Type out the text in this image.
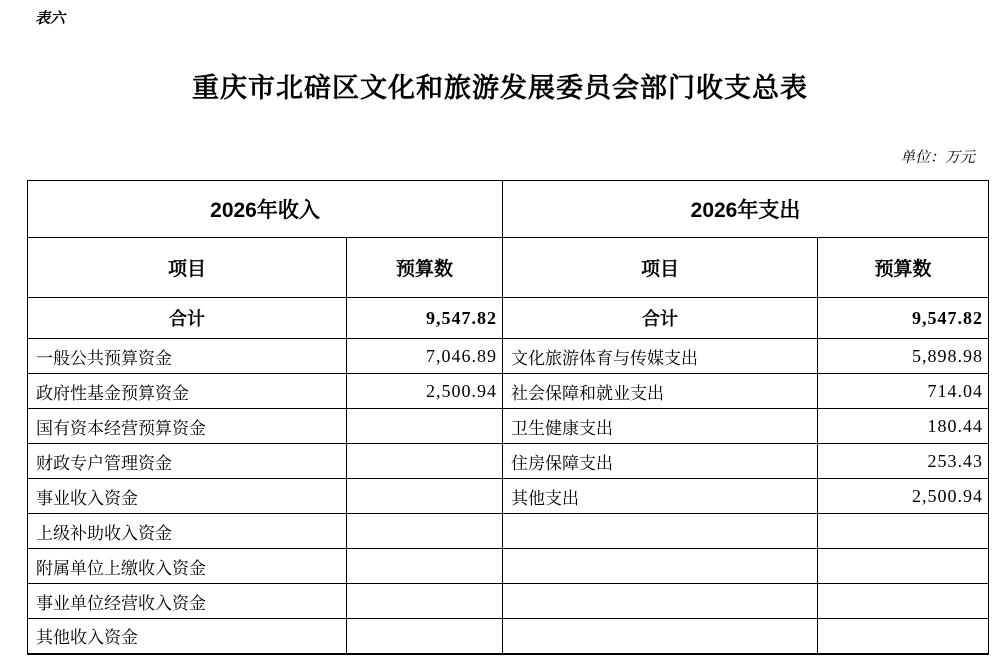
表六
重庆市北碚区文化和旅游发展委员会部门收支总表
单位：万元
2026年收入		2026年支出	
项目	预算数	项目	预算数
合计	9,547.82	合计	9,547.82
一般公共预算资金	7,046.89	文化旅游体育与传媒支出	5,898.98
政府性基金预算资金	2,500.94	社会保障和就业支出	714.04
国有资本经营预算资金		卫生健康支出	180.44
财政专户管理资金		住房保障支出	253.43
事业收入资金		其他支出	2,500.94
上级补助收入资金			
附属单位上缴收入资金			
事业单位经营收入资金			
其他收入资金			
